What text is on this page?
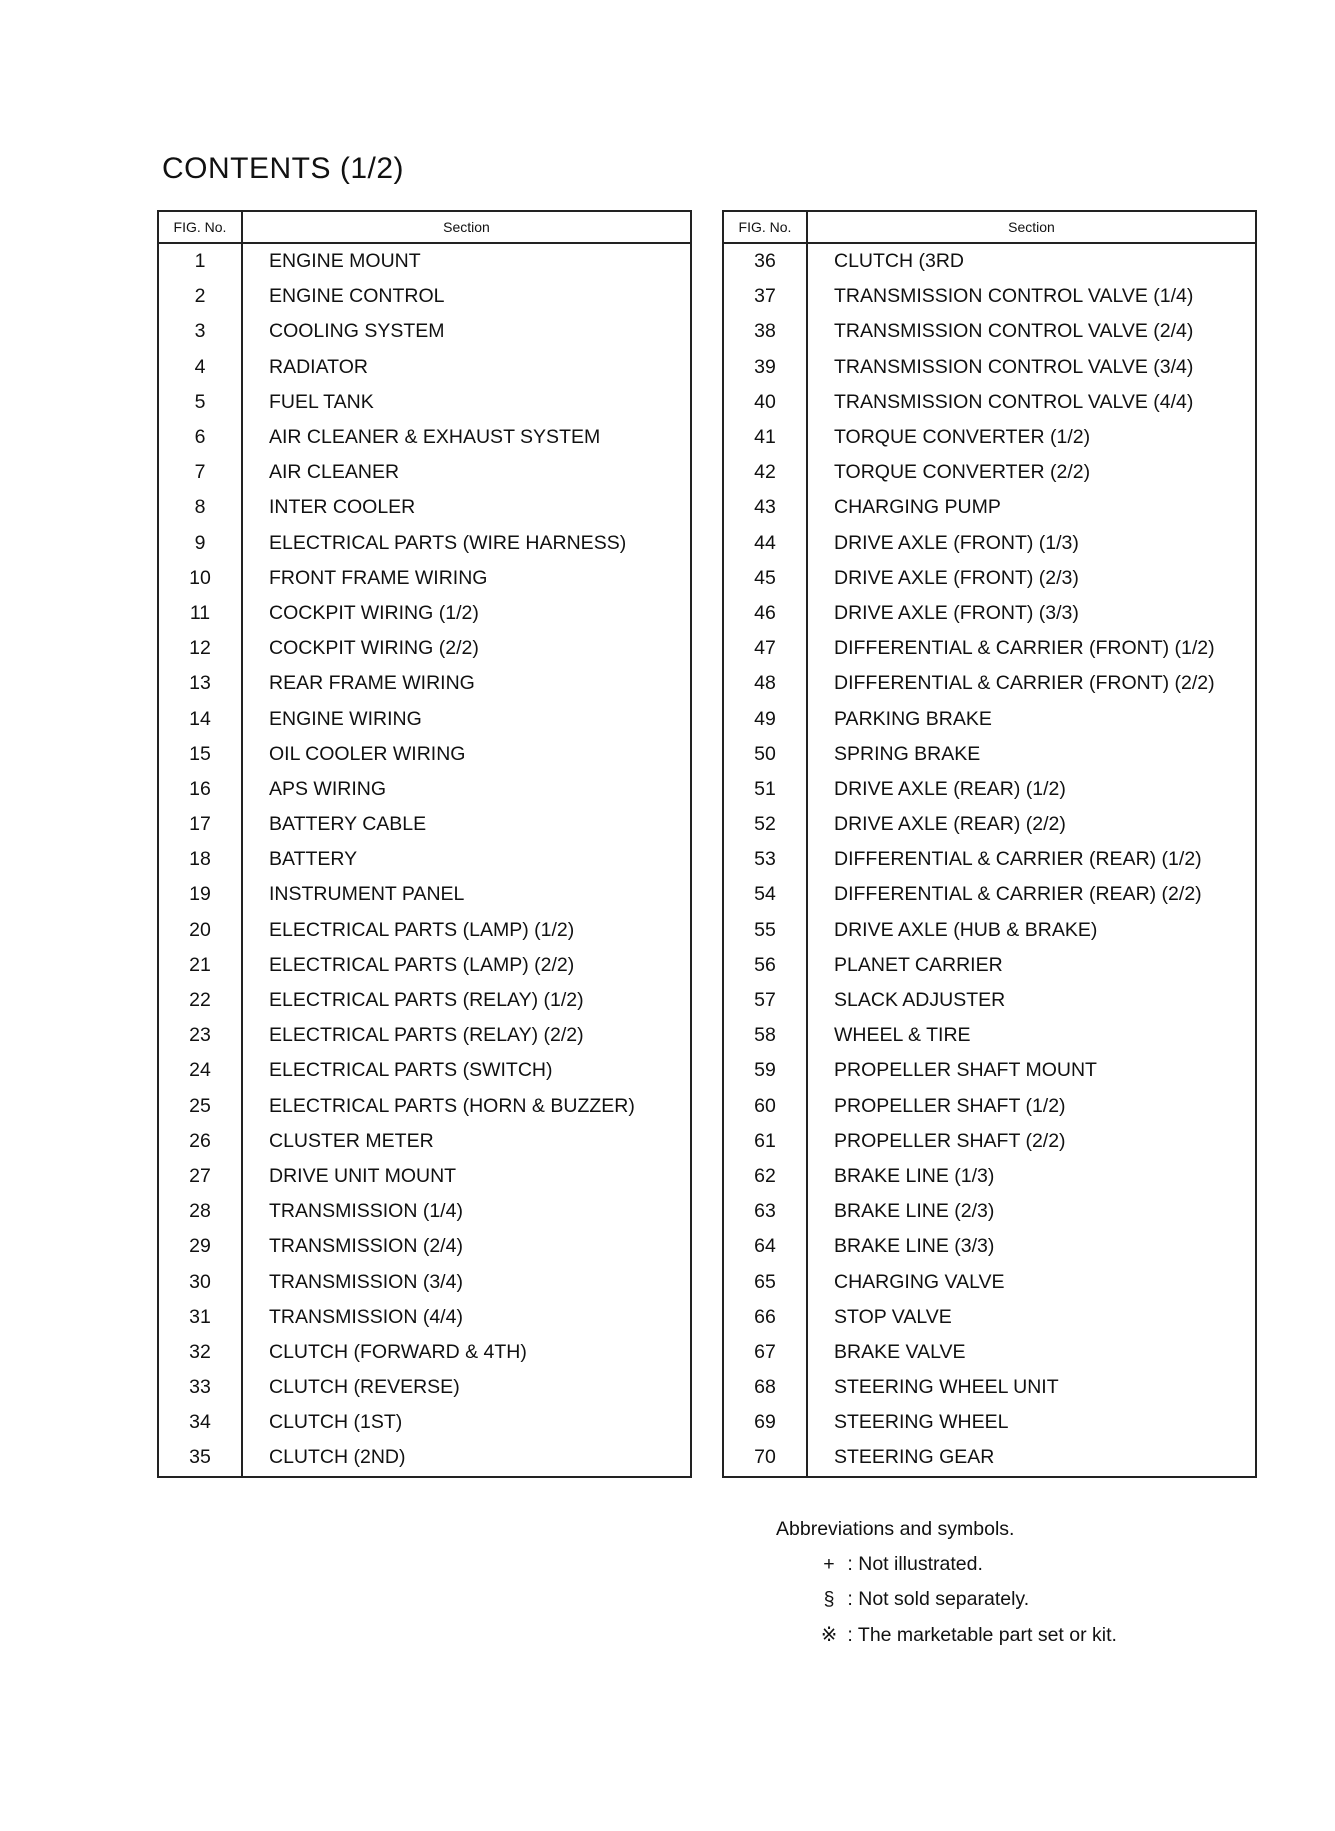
CONTENTS (1/2)
FIG. No.	Section
1	ENGINE MOUNT
2	ENGINE CONTROL
3	COOLING SYSTEM
4	RADIATOR
5	FUEL TANK
6	AIR CLEANER & EXHAUST SYSTEM
7	AIR CLEANER
8	INTER COOLER
9	ELECTRICAL PARTS (WIRE HARNESS)
10	FRONT FRAME WIRING
11	COCKPIT WIRING (1/2)
12	COCKPIT WIRING (2/2)
13	REAR FRAME WIRING
14	ENGINE WIRING
15	OIL COOLER WIRING
16	APS WIRING
17	BATTERY CABLE
18	BATTERY
19	INSTRUMENT PANEL
20	ELECTRICAL PARTS (LAMP) (1/2)
21	ELECTRICAL PARTS (LAMP) (2/2)
22	ELECTRICAL PARTS (RELAY) (1/2)
23	ELECTRICAL PARTS (RELAY) (2/2)
24	ELECTRICAL PARTS (SWITCH)
25	ELECTRICAL PARTS (HORN & BUZZER)
26	CLUSTER METER
27	DRIVE UNIT MOUNT
28	TRANSMISSION (1/4)
29	TRANSMISSION (2/4)
30	TRANSMISSION (3/4)
31	TRANSMISSION (4/4)
32	CLUTCH (FORWARD & 4TH)
33	CLUTCH (REVERSE)
34	CLUTCH (1ST)
35	CLUTCH (2ND)
FIG. No.	Section
36	CLUTCH (3RD
37	TRANSMISSION CONTROL VALVE (1/4)
38	TRANSMISSION CONTROL VALVE (2/4)
39	TRANSMISSION CONTROL VALVE (3/4)
40	TRANSMISSION CONTROL VALVE (4/4)
41	TORQUE CONVERTER (1/2)
42	TORQUE CONVERTER (2/2)
43	CHARGING PUMP
44	DRIVE AXLE (FRONT) (1/3)
45	DRIVE AXLE (FRONT) (2/3)
46	DRIVE AXLE (FRONT) (3/3)
47	DIFFERENTIAL & CARRIER (FRONT) (1/2)
48	DIFFERENTIAL & CARRIER (FRONT) (2/2)
49	PARKING BRAKE
50	SPRING BRAKE
51	DRIVE AXLE (REAR) (1/2)
52	DRIVE AXLE (REAR) (2/2)
53	DIFFERENTIAL & CARRIER (REAR) (1/2)
54	DIFFERENTIAL & CARRIER (REAR) (2/2)
55	DRIVE AXLE (HUB & BRAKE)
56	PLANET CARRIER
57	SLACK ADJUSTER
58	WHEEL & TIRE
59	PROPELLER SHAFT MOUNT
60	PROPELLER SHAFT (1/2)
61	PROPELLER SHAFT (2/2)
62	BRAKE LINE (1/3)
63	BRAKE LINE (2/3)
64	BRAKE LINE (3/3)
65	CHARGING VALVE
66	STOP VALVE
67	BRAKE VALVE
68	STEERING WHEEL UNIT
69	STEERING WHEEL
70	STEERING GEAR
Abbreviations and symbols.
+ : Not illustrated.
§ : Not sold separately.
※ : The marketable part set or kit.
